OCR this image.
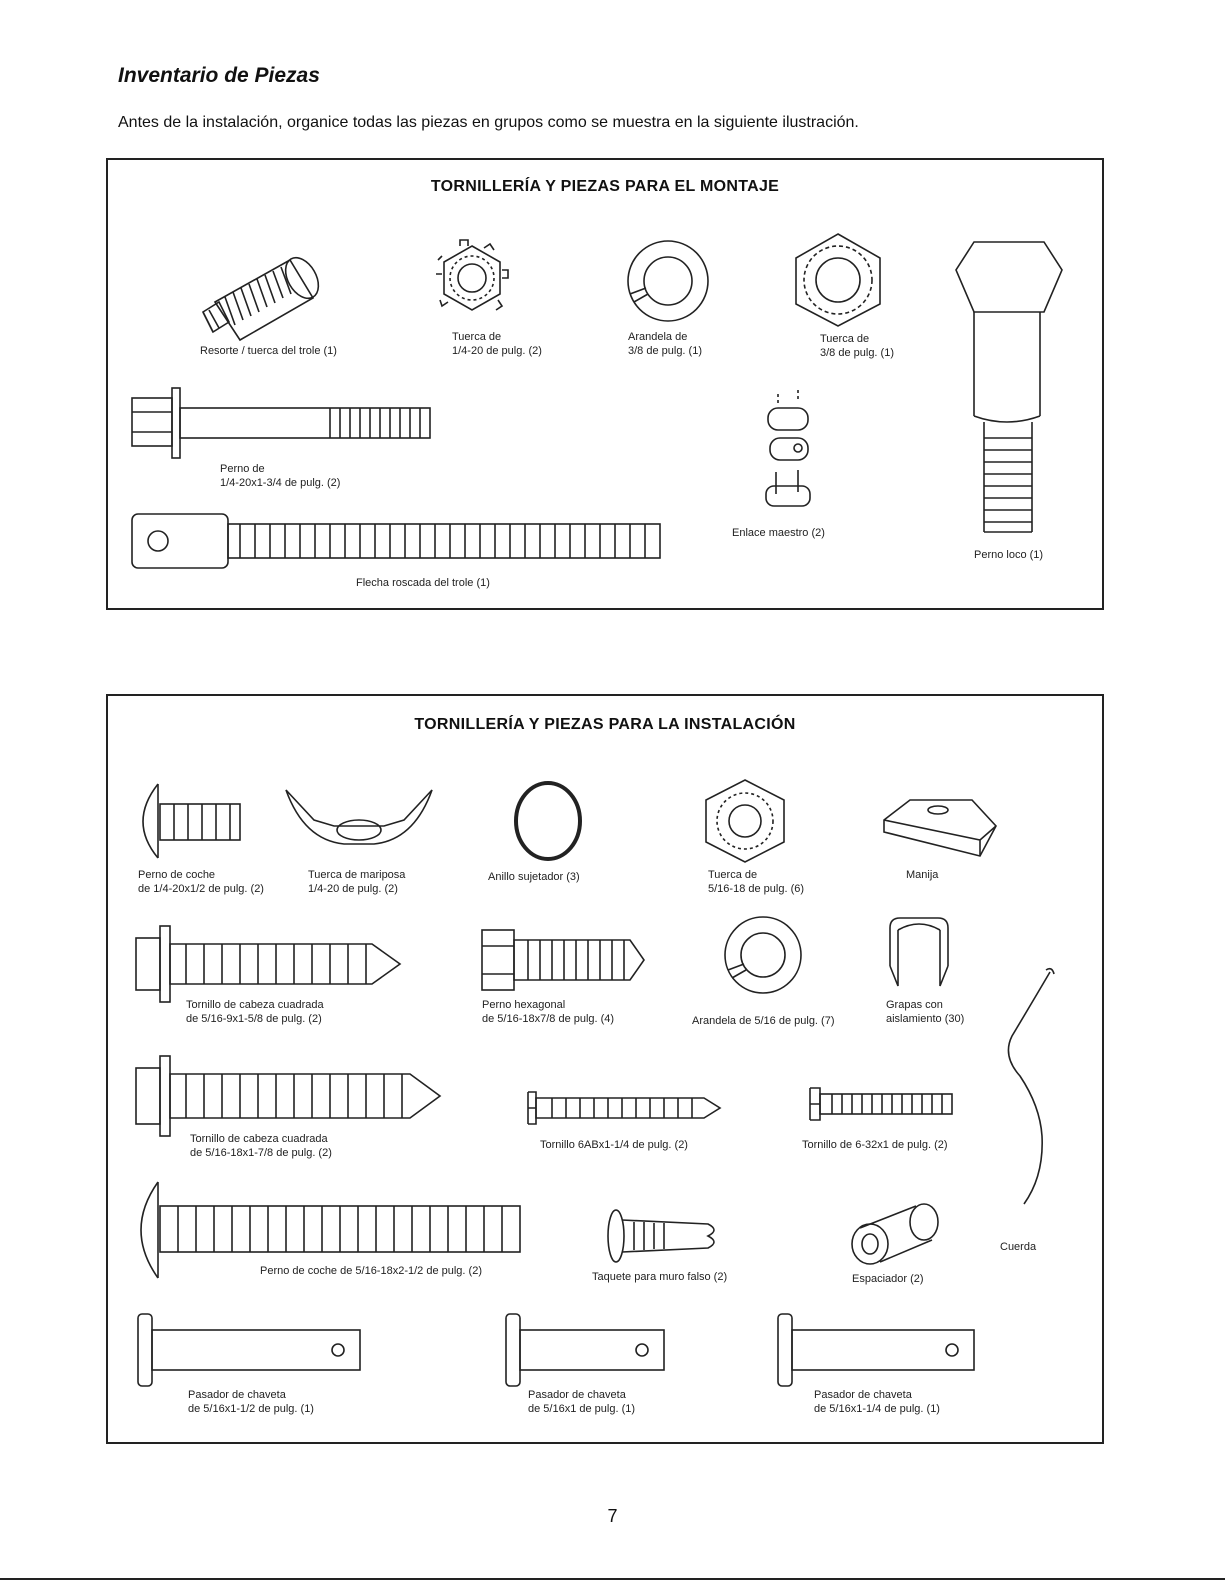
Inventario de Piezas
Antes de la instalación, organice todas las piezas en grupos como se muestra en la siguiente ilustración.
TORNILLERÍA Y PIEZAS PARA EL MONTAJE
Resorte / tuerca del trole (1)
Tuerca de
1/4-20 de pulg. (2)
Arandela de
3/8 de pulg. (1)
Tuerca de
3/8 de pulg. (1)
Perno de
1/4-20x1-3/4 de pulg. (2)
Enlace maestro (2)
Flecha roscada del trole (1)
Perno loco (1)
TORNILLERÍA Y PIEZAS PARA LA INSTALACIÓN
Perno de coche
de 1/4-20x1/2 de pulg. (2)
Tuerca de mariposa
1/4-20 de pulg. (2)
Anillo sujetador (3)	Tuerca de
5/16-18 de pulg. (6)
Manija
Tornillo de cabeza cuadrada
de 5/16-9x1-5/8 de pulg. (2)
Perno hexagonal
de 5/16-18x7/8 de pulg. (4)	Arandela de 5/16 de pulg. (7)
Grapas con
aislamiento (30)
Tornillo de cabeza cuadrada
de 5/16-18x1-7/8 de pulg. (2)
Tornillo 6ABx1-1/4 de pulg. (2)	Tornillo de 6-32x1 de pulg. (2)
Cuerda
Perno de coche de 5/16-18x2-1/2 de pulg. (2)	Taquete para muro falso (2)	Espaciador (2)
Pasador de chaveta
de 5/16x1-1/2 de pulg. (1)
Pasador de chaveta
de 5/16x1 de pulg. (1)
Pasador de chaveta
de 5/16x1-1/4 de pulg. (1)
7
